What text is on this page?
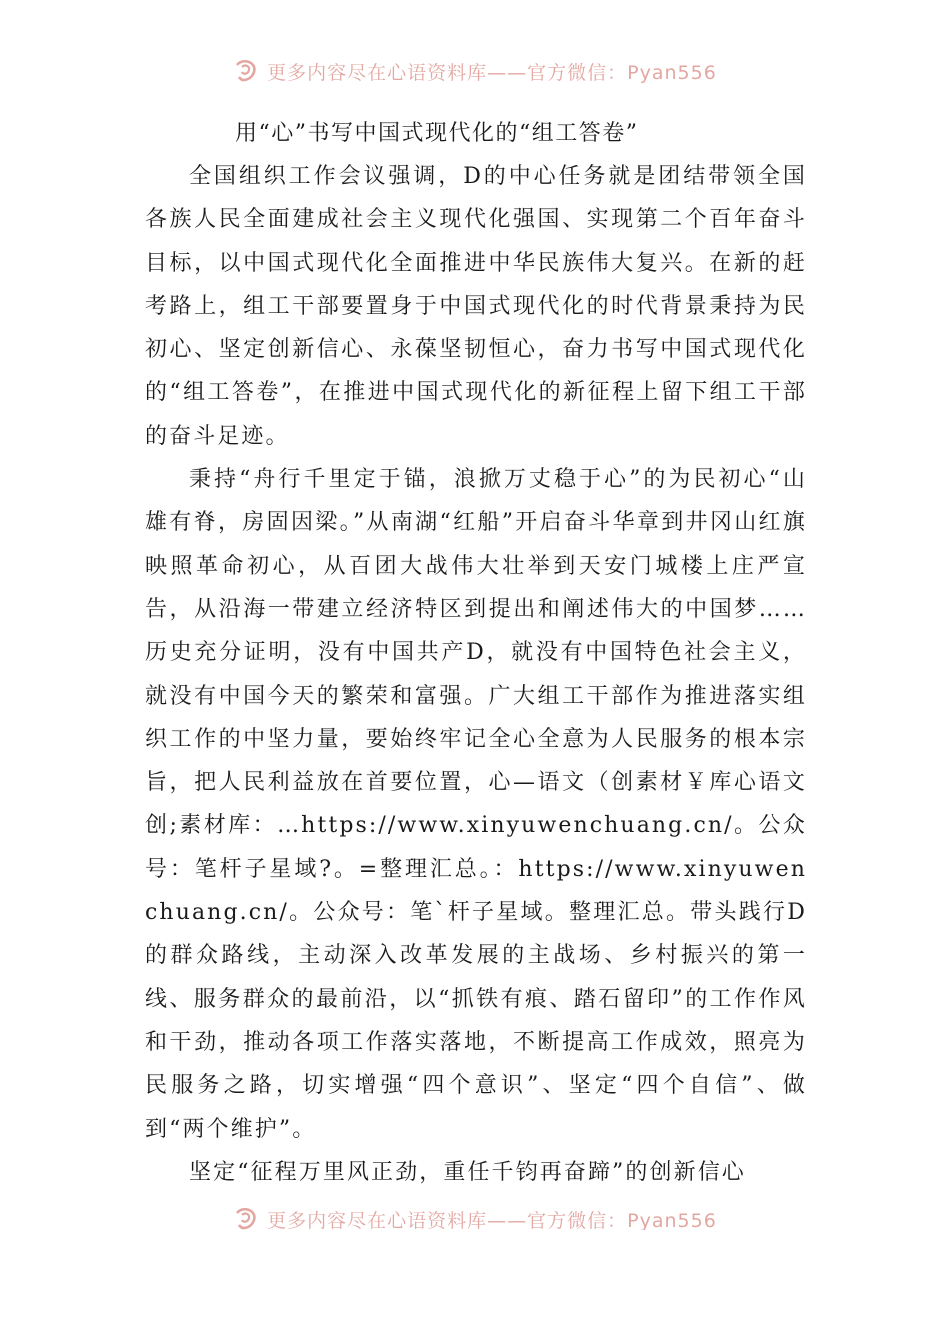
更多内容尽在心语资料库——官方微信：Pyan556
用“心”书写中国式现代化的“组工答卷”

全国组织工作会议强调，D的中心任务就是团结带领全国各族人民全面建成社会主义现代化强国、实现第二个百年奋斗目标，以中国式现代化全面推进中华民族伟大复兴。在新的赶考路上，组工干部要置身于中国式现代化的时代背景秉持为民初心、坚定创新信心、永葆坚韧恒心，奋力书写中国式现代化的“组工答卷”，在推进中国式现代化的新征程上留下组工干部的奋斗足迹。

秉持“舟行千里定于锚，浪掀万丈稳于心”的为民初心“山雄有脊，房固因梁。”从南湖“红船”开启奋斗华章到井冈山红旗映照革命初心，从百团大战伟大壮举到天安门城楼上庄严宣告，从沿海一带建立经济特区到提出和阐述伟大的中国梦……历史充分证明，没有中国共产D，就没有中国特色社会主义，就没有中国今天的繁荣和富强。广大组工干部作为推进落实组织工作的中坚力量，要始终牢记全心全意为人民服务的根本宗旨，把人民利益放在首要位置，心—语文（创素材￥库心语文创;素材库：…https://www.xinyuwenchuang.cn/。公众号：笔杆子星域?。=整理汇总。：https://www.xinyuwenchuang.cn/。公众号：笔`杆子星域。整理汇总。带头践行D的群众路线，主动深入改革发展的主战场、乡村振兴的第一线、服务群众的最前沿，以“抓铁有痕、踏石留印”的工作作风和干劲，推动各项工作落实落地，不断提高工作成效，照亮为民服务之路，切实增强“四个意识”、坚定“四个自信”、做到“两个维护”。

坚定“征程万里风正劲，重任千钧再奋蹄”的创新信心

更多内容尽在心语资料库——官方微信：Pyan556
